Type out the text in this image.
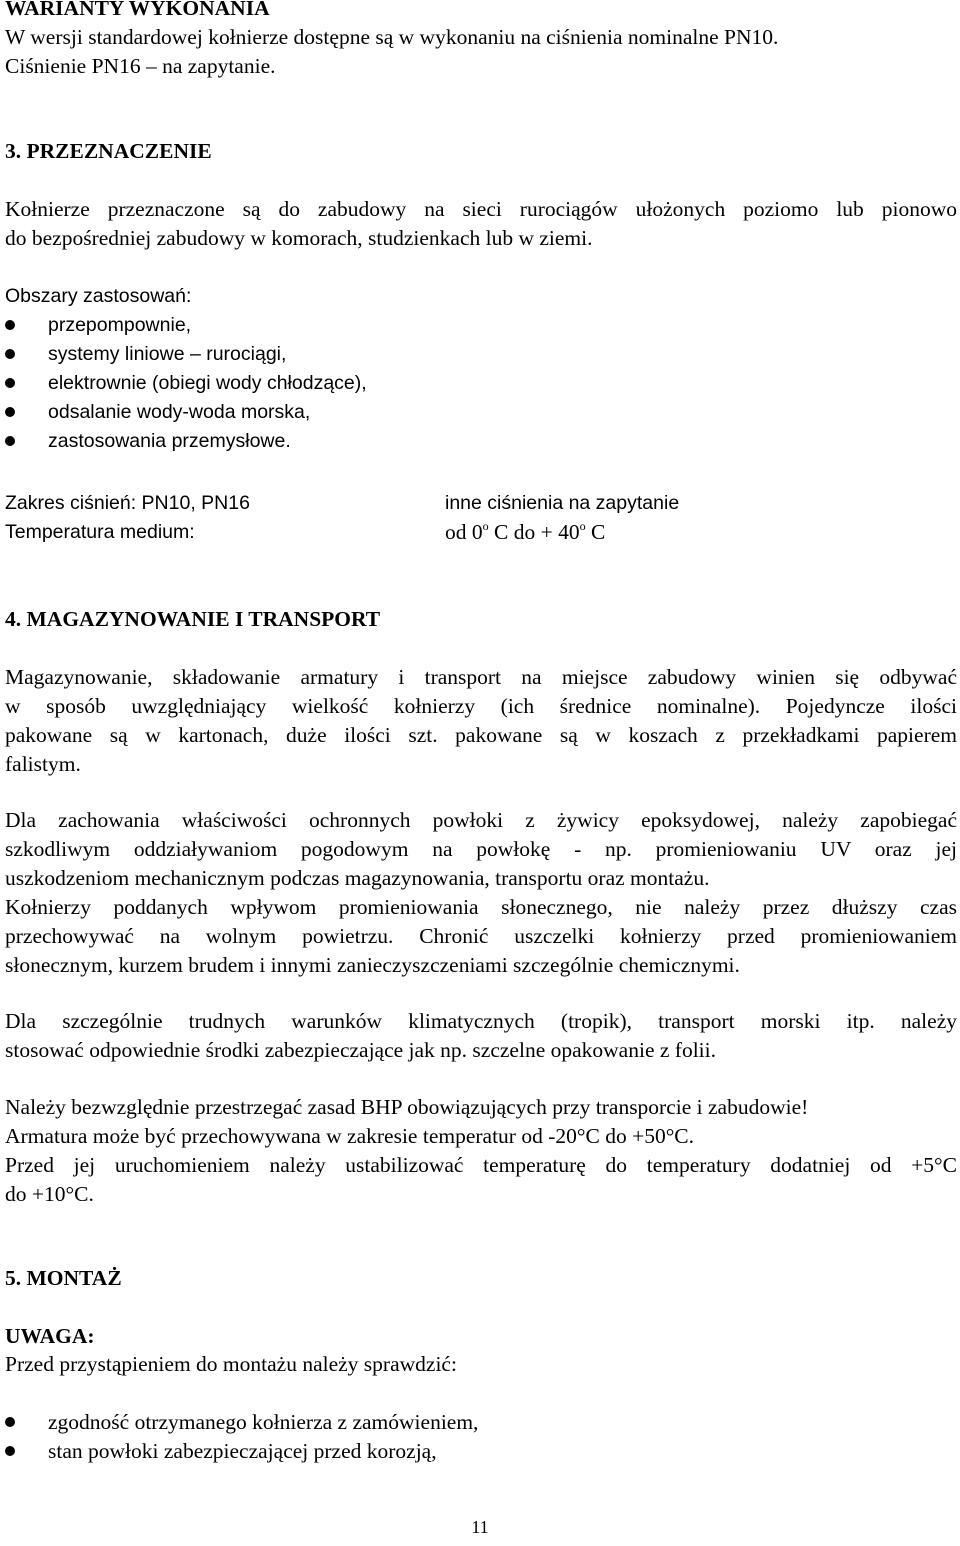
WARIANTY WYKONANIA
W wersji standardowej kołnierze dostępne są w wykonaniu na ciśnienia nominalne PN10.
Ciśnienie PN16 – na zapytanie.
3. PRZEZNACZENIE
Kołnierze przeznaczone są do zabudowy na sieci rurociągów ułożonych poziomo lub pionowo
do bezpośredniej zabudowy w komorach, studzienkach lub w ziemi.
Obszary zastosowań:
przepompownie,
systemy liniowe – rurociągi,
elektrownie (obiegi wody chłodzące),
odsalanie wody-woda morska,
zastosowania przemysłowe.
Zakres ciśnień: PN10, PN16	inne ciśnienia na zapytanie
Temperatura medium:	od 0$^o$ C do + $40^o$ C
4. MAGAZYNOWANIE I TRANSPORT
Magazynowanie, składowanie armatury i transport na miejsce zabudowy winien się odbywać
w sposób uwzględniający wielkość kołnierzy (ich średnice nominalne). Pojedyncze ilości
pakowane są w kartonach, duże ilości szt. pakowane są w koszach z przekładkami papierem
falistym.
Dla zachowania właściwości ochronnych powłoki z żywicy epoksydowej, należy zapobiegać
szkodliwym oddziaływaniom pogodowym na powłokę - np. promieniowaniu UV oraz jej
uszkodzeniom mechanicznym podczas magazynowania, transportu oraz montażu.
Kołnierzy poddanych wpływom promieniowania słonecznego, nie należy przez dłuższy czas
przechowywać na wolnym powietrzu. Chronić uszczelki kołnierzy przed promieniowaniem
słonecznym, kurzem brudem i innymi zanieczyszczeniami szczególnie chemicznymi.
Dla szczególnie trudnych warunków klimatycznych (tropik), transport morski itp. należy
stosować odpowiednie środki zabezpieczające jak np. szczelne opakowanie z folii.
Należy bezwzględnie przestrzegać zasad BHP obowiązujących przy transporcie i zabudowie!
Armatura może być przechowywana w zakresie temperatur od -20°C do +50°C.
Przed jej uruchomieniem należy ustabilizować temperaturę do temperatury dodatniej od +5°C
do +10°C.
5. MONTAŻ
UWAGA:
Przed przystąpieniem do montażu należy sprawdzić:
zgodność otrzymanego kołnierza z zamówieniem,
stan powłoki zabezpieczającej przed korozją,
11
